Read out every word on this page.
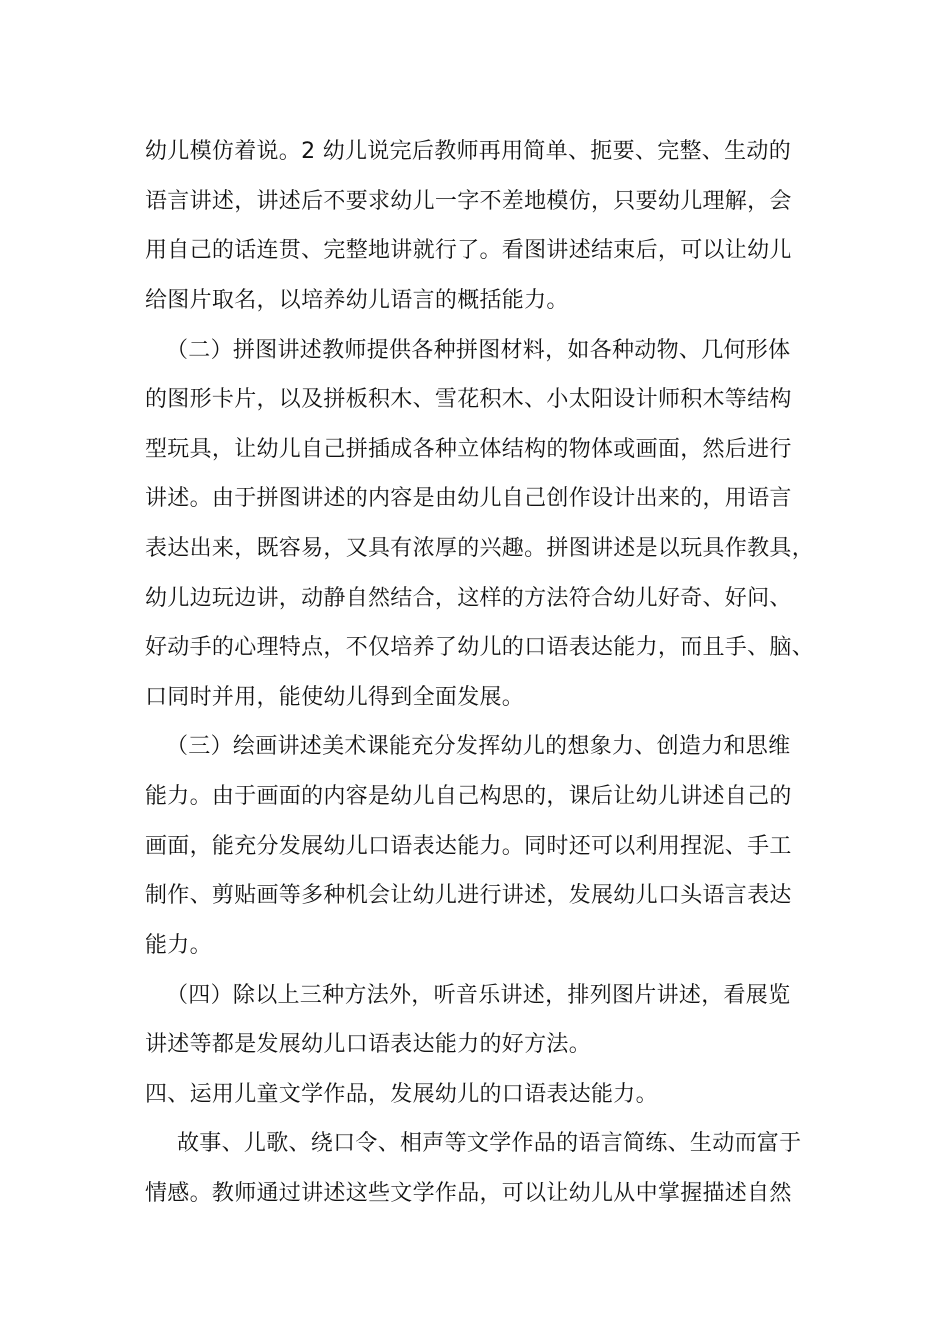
幼儿模仿着说。2 幼儿说完后教师再用简单、扼要、完整、生动的
语言讲述，讲述后不要求幼儿一字不差地模仿，只要幼儿理解，会
用自己的话连贯、完整地讲就行了。看图讲述结束后，可以让幼儿
给图片取名，以培养幼儿语言的概括能力。
（二）拼图讲述教师提供各种拼图材料，如各种动物、几何形体
的图形卡片，以及拼板积木、雪花积木、小太阳设计师积木等结构
型玩具，让幼儿自己拼插成各种立体结构的物体或画面，然后进行
讲述。由于拼图讲述的内容是由幼儿自己创作设计出来的，用语言
表达出来，既容易，又具有浓厚的兴趣。拼图讲述是以玩具作教具，
幼儿边玩边讲，动静自然结合，这样的方法符合幼儿好奇、好问、
好动手的心理特点，不仅培养了幼儿的口语表达能力，而且手、脑、
口同时并用，能使幼儿得到全面发展。
（三）绘画讲述美术课能充分发挥幼儿的想象力、创造力和思维
能力。由于画面的内容是幼儿自己构思的，课后让幼儿讲述自己的
画面，能充分发展幼儿口语表达能力。同时还可以利用捏泥、手工
制作、剪贴画等多种机会让幼儿进行讲述，发展幼儿口头语言表达
能力。
（四）除以上三种方法外，听音乐讲述，排列图片讲述，看展览
讲述等都是发展幼儿口语表达能力的好方法。
四、运用儿童文学作品，发展幼儿的口语表达能力。
故事、儿歌、绕口令、相声等文学作品的语言简练、生动而富于
情感。教师通过讲述这些文学作品，可以让幼儿从中掌握描述自然
